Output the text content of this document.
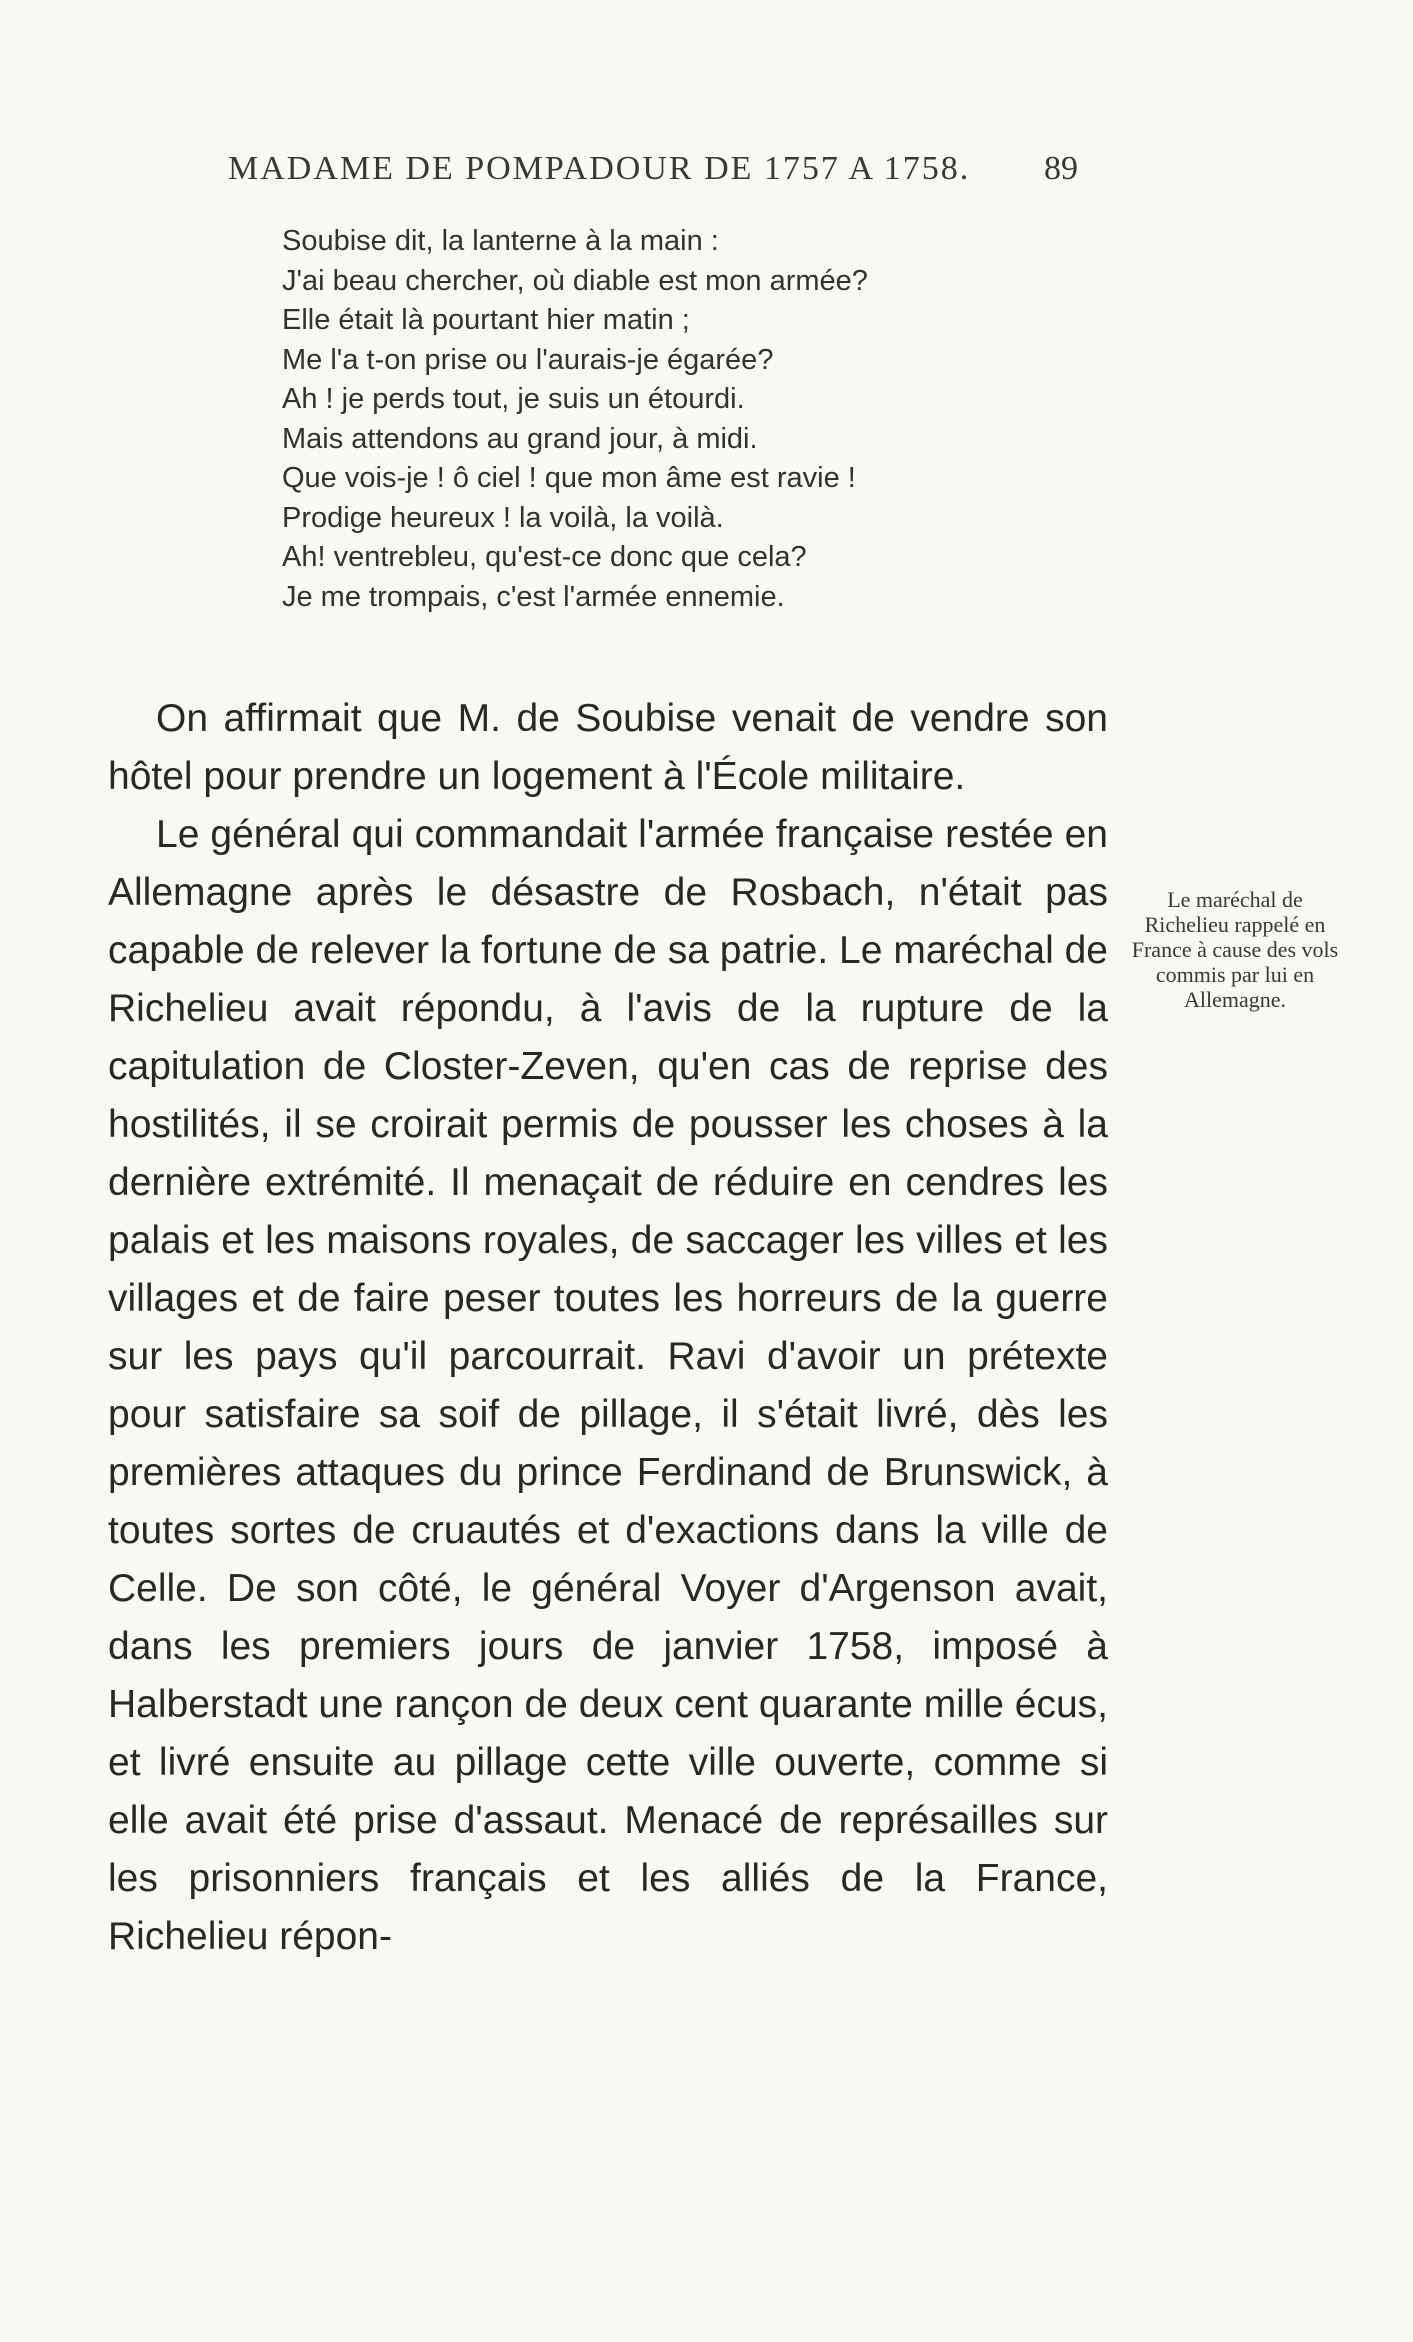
MADAME DE POMPADOUR DE 1757 A 1758. 89
Soubise dit, la lanterne à la main :
J'ai beau chercher, où diable est mon armée?
Elle était là pourtant hier matin ;
Me l'a t-on prise ou l'aurais-je égarée?
Ah ! je perds tout, je suis un étourdi.
Mais attendons au grand jour, à midi.
Que vois-je ! ô ciel ! que mon âme est ravie !
Prodige heureux ! la voilà, la voilà.
Ah! ventrebleu, qu'est-ce donc que cela?
Je me trompais, c'est l'armée ennemie.

On affirmait que M. de Soubise venait de vendre son hôtel pour prendre un logement à l'École militaire.

Le général qui commandait l'armée française restée en Allemagne après le désastre de Rosbach, n'était pas capable de relever la fortune de sa patrie. Le maréchal de Richelieu avait répondu, à l'avis de la rupture de la capitulation de Closter-Zeven, qu'en cas de reprise des hostilités, il se croirait permis de pousser les choses à la dernière extrémité. Il menaçait de réduire en cendres les palais et les maisons royales, de saccager les villes et les villages et de faire peser toutes les horreurs de la guerre sur les pays qu'il parcourrait. Ravi d'avoir un prétexte pour satisfaire sa soif de pillage, il s'était livré, dès les premières attaques du prince Ferdinand de Brunswick, à toutes sortes de cruautés et d'exactions dans la ville de Celle. De son côté, le général Voyer d'Argenson avait, dans les premiers jours de janvier 1758, imposé à Halberstadt une rançon de deux cent quarante mille écus, et livré ensuite au pillage cette ville ouverte, comme si elle avait été prise d'assaut. Menacé de représailles sur les prisonniers français et les alliés de la France, Richelieu répon-

Le maréchal de Richelieu rappelé en France à cause des vols commis par lui en Allemagne.
